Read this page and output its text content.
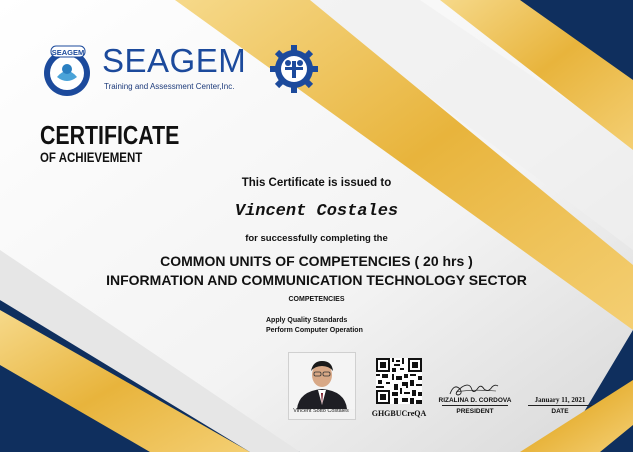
SEAGEM SEAGEM
Training and Assessment Center,Inc.
CERTIFICATE
OF ACHIEVEMENT
This Certificate is issued to
Vincent Costales
for successfully completing the
COMMON UNITS OF COMPETENCIES ( 20 hrs )
INFORMATION AND COMMUNICATION TECHNOLOGY SECTOR
COMPETENCIES
Apply Quality Standards
Perform Computer Operation
Vincent Sotto Costales	GHGBUCreQA
RIZALINA D. CORDOVA
PRESIDENT
January 11, 2021
DATE
